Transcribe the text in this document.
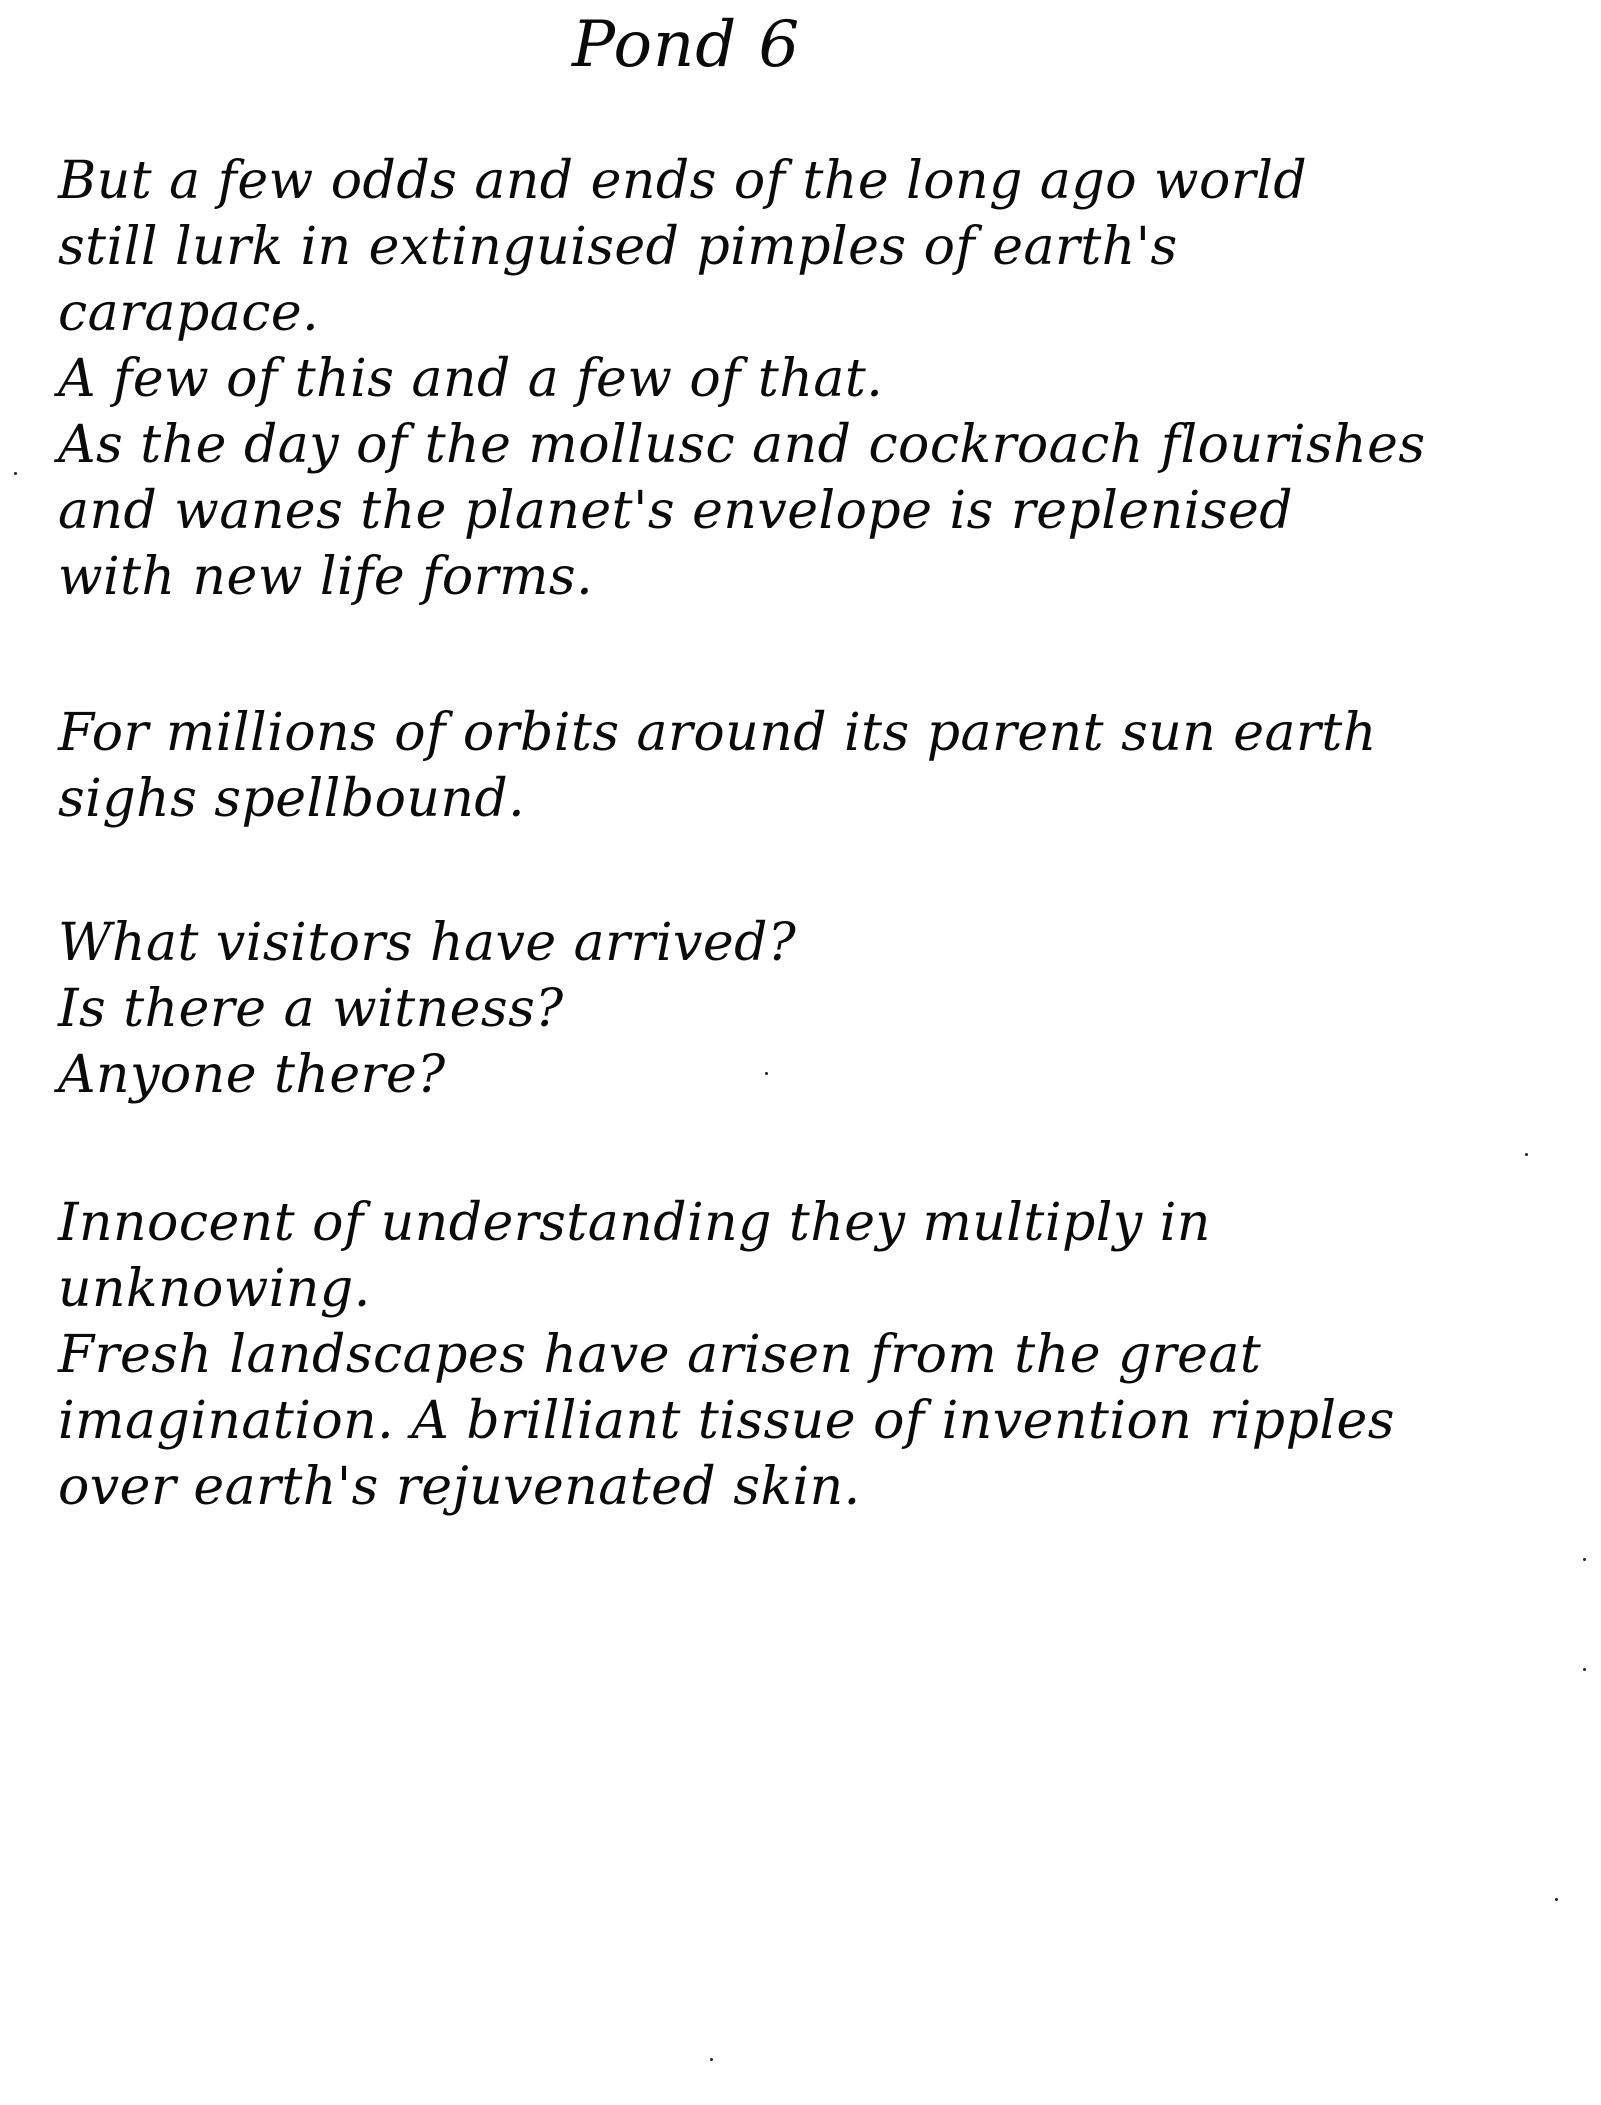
Pond 6
But a few odds and ends of the long ago world
still lurk in extinguised pimples of earth's
carapace.
A few of this and a few of that.
As the day of the mollusc and cockroach flourishes
and wanes the planet's envelope is replenised
with new life forms.
For millions of orbits around its parent sun earth
sighs spellbound.
What visitors have arrived?
Is there a witness?
Anyone there?
Innocent of understanding they multiply in
unknowing.
Fresh landscapes have arisen from the great
imagination. A brilliant tissue of invention ripples
over earth's rejuvenated skin.
